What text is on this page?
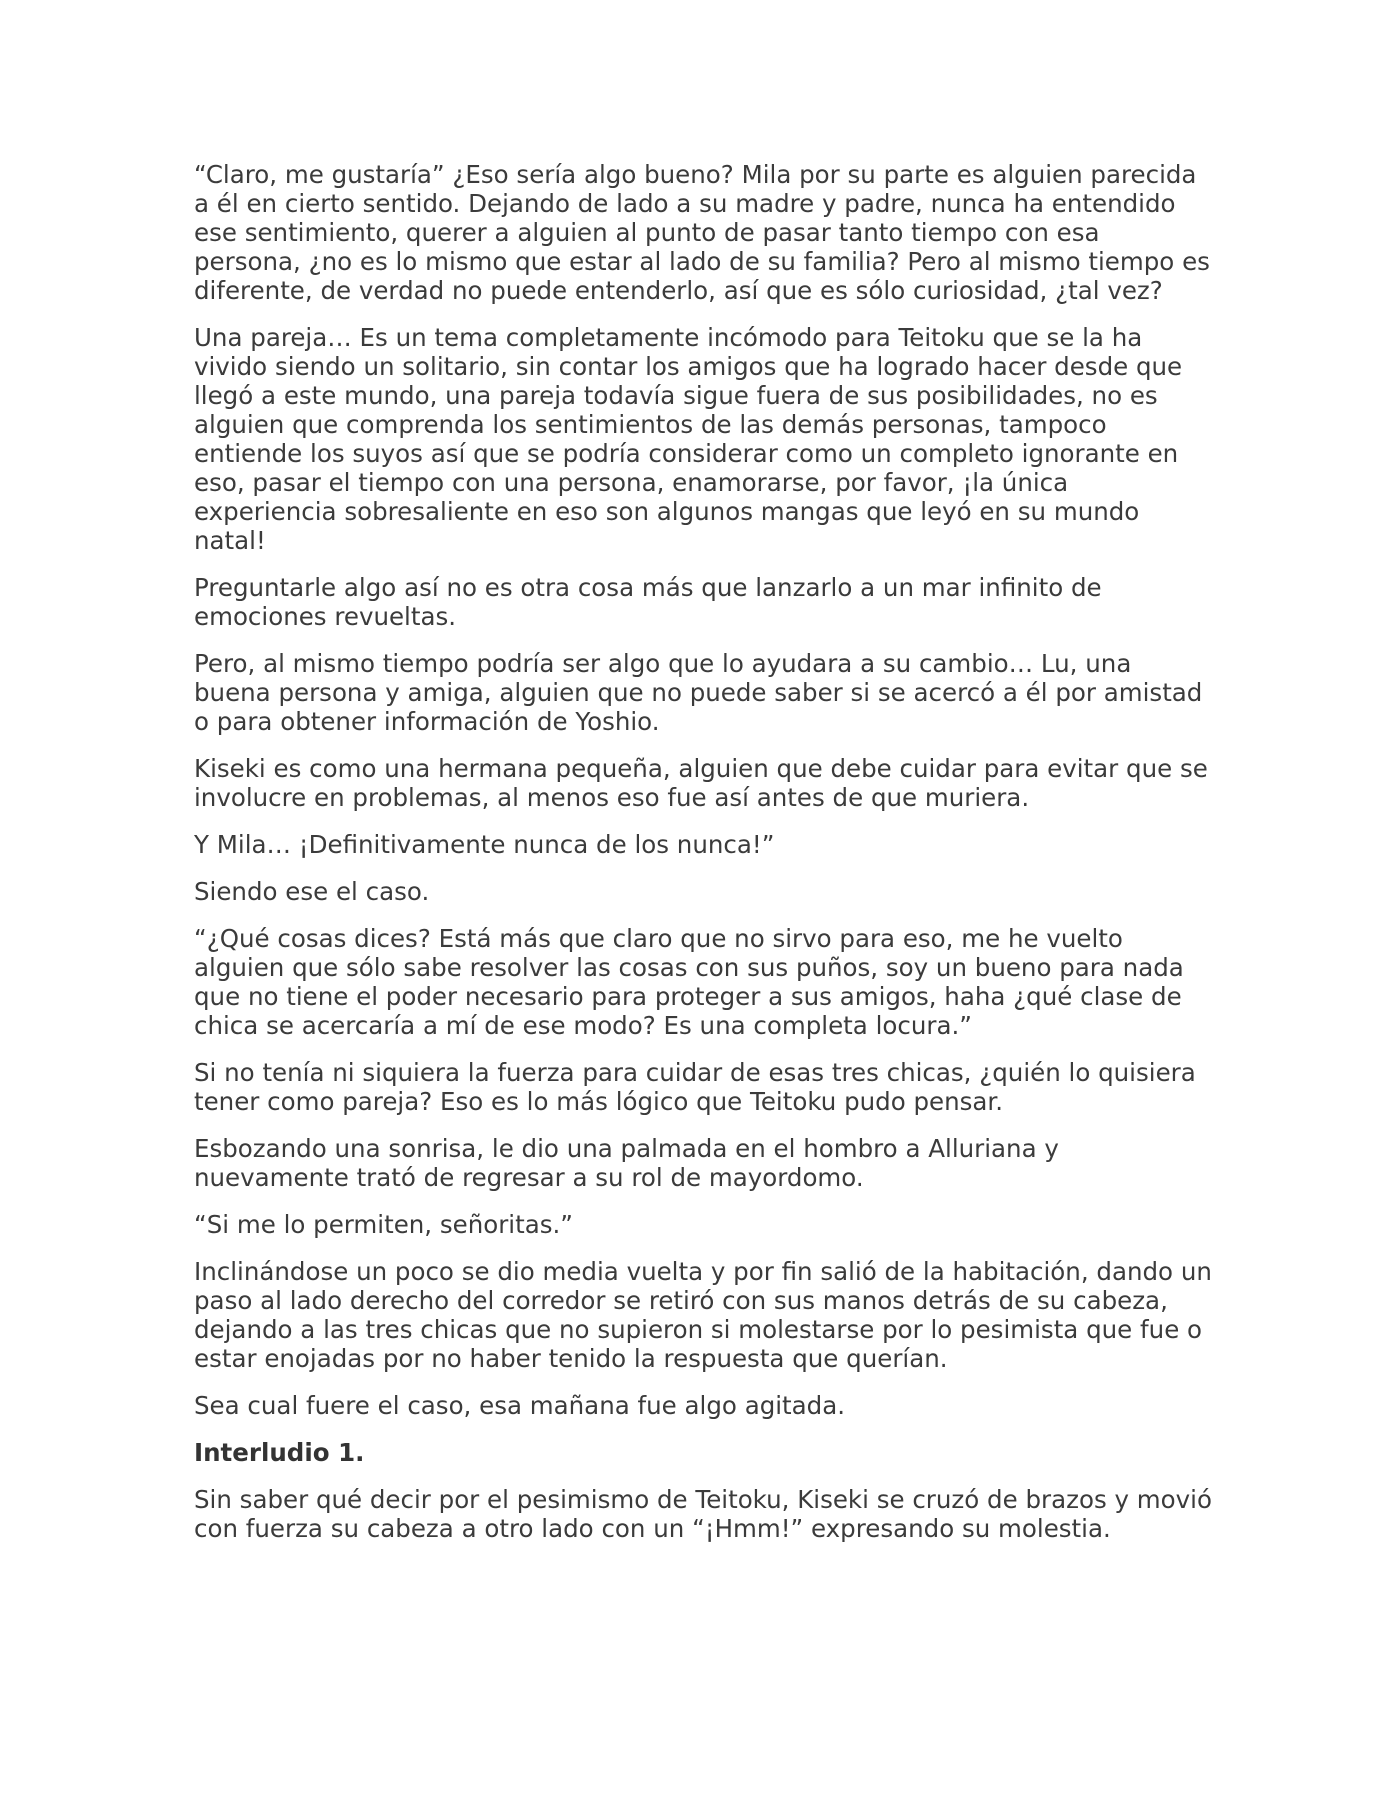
“Claro, me gustaría” ¿Eso sería algo bueno? Mila por su parte es alguien parecida a él en cierto sentido. Dejando de lado a su madre y padre, nunca ha entendido ese sentimiento, querer a alguien al punto de pasar tanto tiempo con esa persona, ¿no es lo mismo que estar al lado de su familia? Pero al mismo tiempo es diferente, de verdad no puede entenderlo, así que es sólo curiosidad, ¿tal vez?

Una pareja… Es un tema completamente incómodo para Teitoku que se la ha vivido siendo un solitario, sin contar los amigos que ha logrado hacer desde que llegó a este mundo, una pareja todavía sigue fuera de sus posibilidades, no es alguien que comprenda los sentimientos de las demás personas, tampoco entiende los suyos así que se podría considerar como un completo ignorante en eso, pasar el tiempo con una persona, enamorarse, por favor, ¡la única experiencia sobresaliente en eso son algunos mangas que leyó en su mundo natal!

Preguntarle algo así no es otra cosa más que lanzarlo a un mar infinito de emociones revueltas.

Pero, al mismo tiempo podría ser algo que lo ayudara a su cambio… Lu, una buena persona y amiga, alguien que no puede saber si se acercó a él por amistad o para obtener información de Yoshio.

Kiseki es como una hermana pequeña, alguien que debe cuidar para evitar que se involucre en problemas, al menos eso fue así antes de que muriera.

Y Mila… ¡Definitivamente nunca de los nunca!”

Siendo ese el caso.

“¿Qué cosas dices? Está más que claro que no sirvo para eso, me he vuelto alguien que sólo sabe resolver las cosas con sus puños, soy un bueno para nada que no tiene el poder necesario para proteger a sus amigos, haha ¿qué clase de chica se acercaría a mí de ese modo? Es una completa locura.”

Si no tenía ni siquiera la fuerza para cuidar de esas tres chicas, ¿quién lo quisiera tener como pareja? Eso es lo más lógico que Teitoku pudo pensar.

Esbozando una sonrisa, le dio una palmada en el hombro a Alluriana y nuevamente trató de regresar a su rol de mayordomo.

“Si me lo permiten, señoritas.”

Inclinándose un poco se dio media vuelta y por fin salió de la habitación, dando un paso al lado derecho del corredor se retiró con sus manos detrás de su cabeza, dejando a las tres chicas que no supieron si molestarse por lo pesimista que fue o estar enojadas por no haber tenido la respuesta que querían.

Sea cual fuere el caso, esa mañana fue algo agitada.

Interludio 1.

Sin saber qué decir por el pesimismo de Teitoku, Kiseki se cruzó de brazos y movió con fuerza su cabeza a otro lado con un “¡Hmm!” expresando su molestia.
